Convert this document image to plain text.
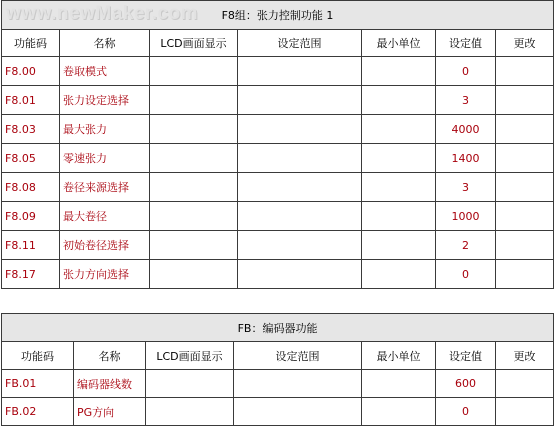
www.newMaker.com F8组：张力控制功能 1						
功能码	名称	LCD画面显示	设定范围	最小单位	设定值	更改
F8.00	卷取模式				0	
F8.01	张力设定选择				3	
F8.03	最大张力				4000	
F8.05	零速张力				1400	
F8.08	卷径来源选择				3	
F8.09	最大卷径				1000	
F8.11	初始卷径选择				2	
F8.17	张力方向选择				0	
FB：编码器功能						
功能码	名称	LCD画面显示	设定范围	最小单位	设定值	更改
FB.01	编码器线数				600	
FB.02	PG方向				0	
